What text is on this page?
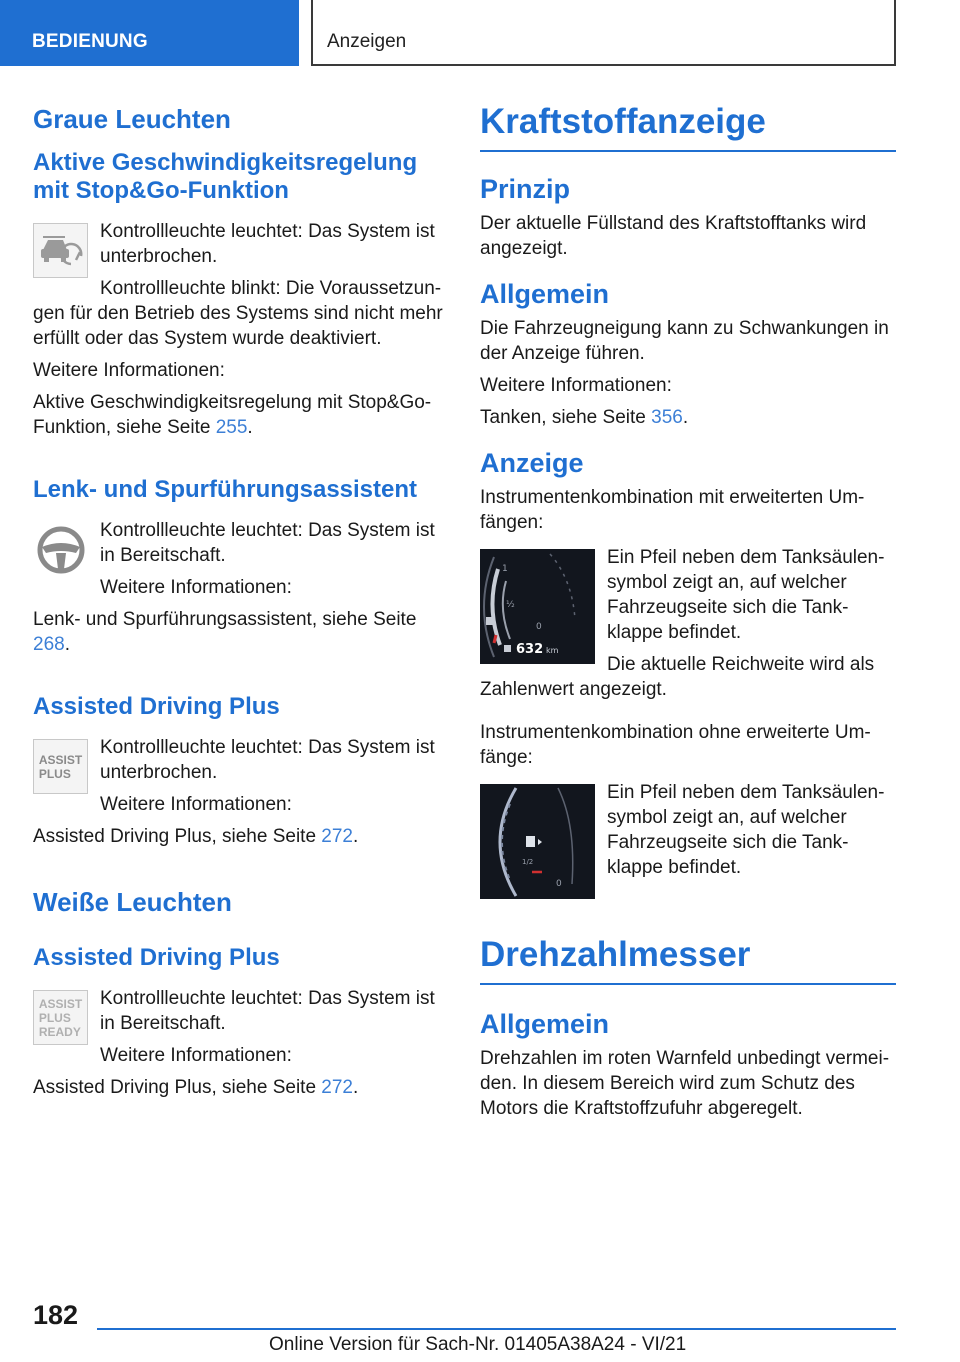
BEDIENUNG	Anzeigen
Graue Leuchten
Aktive Geschwindigkeitsregelung mit Stop&Go-Funktion

Kontrollleuchte leuchtet: Das System ist unterbrochen.

Kontrollleuchte blinkt: Die Voraussetzun-

gen für den Betrieb des Systems sind nicht mehr erfüllt oder das System wurde deaktiviert.

Weitere Informationen:

Aktive Geschwindigkeitsregelung mit Stop&Go-Funktion, siehe Seite 255.

Lenk- und Spurführungsassistent

Kontrollleuchte leuchtet: Das System ist in Bereitschaft.

Weitere Informationen:

Lenk- und Spurführungsassistent, siehe Seite 268.

Assisted Driving Plus
ASSIST
PLUS

Kontrollleuchte leuchtet: Das System ist unterbrochen.

Weitere Informationen:

Assisted Driving Plus, siehe Seite 272.

Weiße Leuchten
Assisted Driving Plus
ASSIST
PLUS
READY

Kontrollleuchte leuchtet: Das System ist in Bereitschaft.

Weitere Informationen:

Assisted Driving Plus, siehe Seite 272.

Kraftstoffanzeige
Prinzip

Der aktuelle Füllstand des Kraftstofftanks wird angezeigt.

Allgemein

Die Fahrzeugneigung kann zu Schwankungen in der Anzeige führen.

Weitere Informationen:

Tanken, siehe Seite 356.

Anzeige

Instrumentenkombination mit erweiterten Umfängen:

1
½
0
632 km

Ein Pfeil neben dem Tanksäulensymbol zeigt an, auf welcher Fahrzeugseite sich die Tankklappe befindet.

Die aktuelle Reichweite wird als

Zahlenwert angezeigt.

Instrumentenkombination ohne erweiterte Umfänge:

1/2
0

Ein Pfeil neben dem Tanksäulensymbol zeigt an, auf welcher Fahrzeugseite sich die Tankklappe befindet.

Drehzahlmesser
Allgemein

Drehzahlen im roten Warnfeld unbedingt vermeiden. In diesem Bereich wird zum Schutz des Motors die Kraftstoffzufuhr abgeregelt.

182
Online Version für Sach-Nr. 01405A38A24 - VI/21
